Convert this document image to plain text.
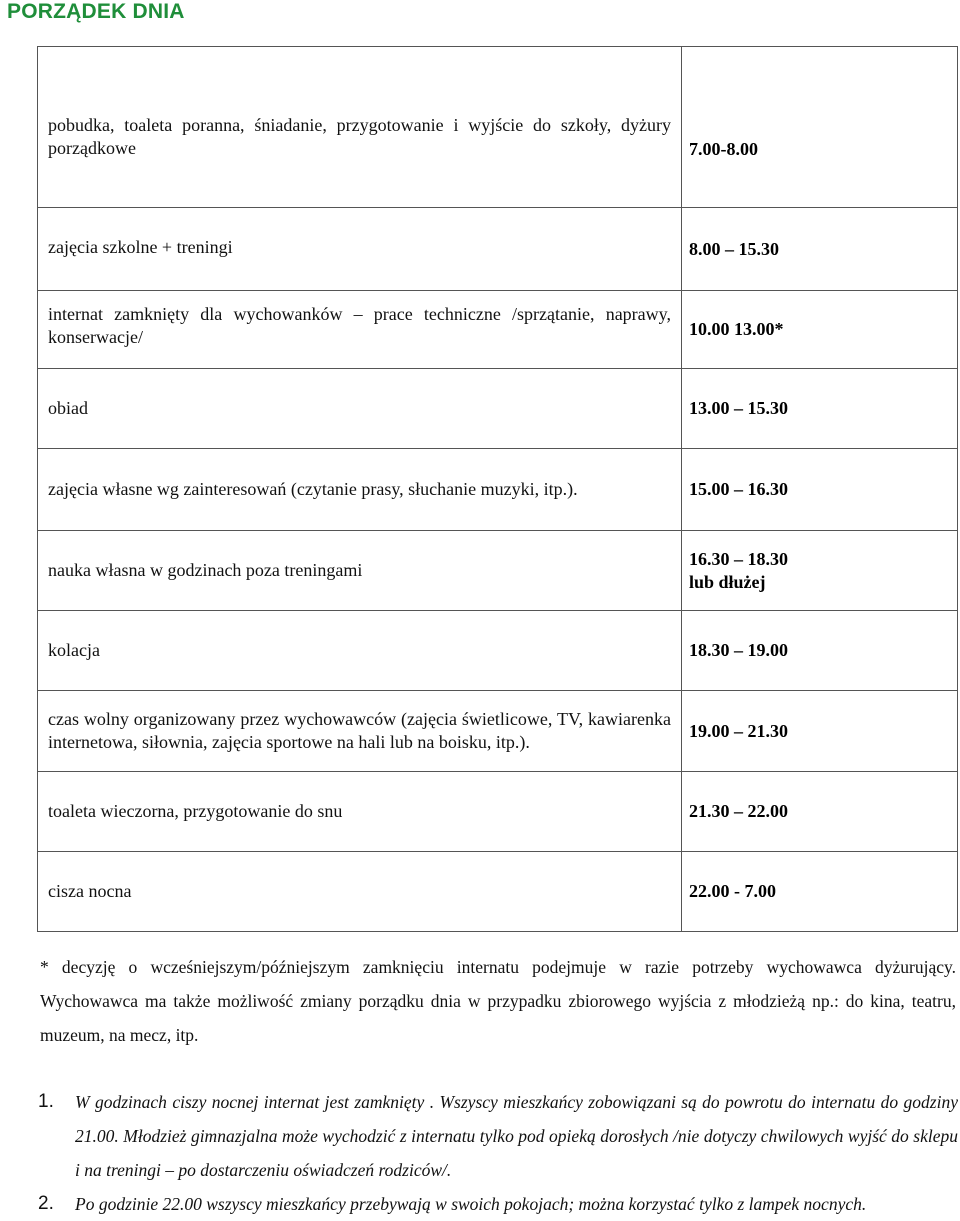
PORZĄDEK DNIA
pobudka, toaleta poranna, śniadanie, przygotowanie i wyjście do szkoły, dyżury porządkowe	7.00-8.00
zajęcia szkolne + treningi	8.00 – 15.30
internat zamknięty dla wychowanków – prace techniczne /sprzątanie, naprawy, konserwacje/	10.00 13.00*
obiad	13.00 – 15.30
zajęcia własne wg zainteresowań (czytanie prasy, słuchanie muzyki, itp.).	15.00 – 16.30
nauka własna w godzinach poza treningami	16.30 – 18.30
lub dłużej

kolacja	18.30 – 19.00
czas wolny organizowany przez wychowawców (zajęcia świetlicowe, TV, kawiarenka internetowa, siłownia, zajęcia sportowe na hali lub na boisku, itp.).	19.00 – 21.30
toaleta wieczorna, przygotowanie do snu	21.30 – 22.00
cisza nocna	22.00 - 7.00
* decyzję o wcześniejszym/późniejszym zamknięciu internatu podejmuje w razie potrzeby wychowawca dyżurujący. Wychowawca ma także możliwość zmiany porządku dnia w przypadku zbiorowego wyjścia z młodzieżą np.: do kina, teatru, muzeum, na mecz, itp.
1. W godzinach ciszy nocnej internat jest zamknięty . Wszyscy mieszkańcy zobowiązani są do powrotu do internatu do godziny 21.00. Młodzież gimnazjalna może wychodzić z internatu tylko pod opieką dorosłych /nie dotyczy chwilowych wyjść do sklepu i na treningi – po dostarczeniu oświadczeń rodziców/.
2. Po godzinie 22.00 wszyscy mieszkańcy przebywają w swoich pokojach; można korzystać tylko z lampek nocnych.
